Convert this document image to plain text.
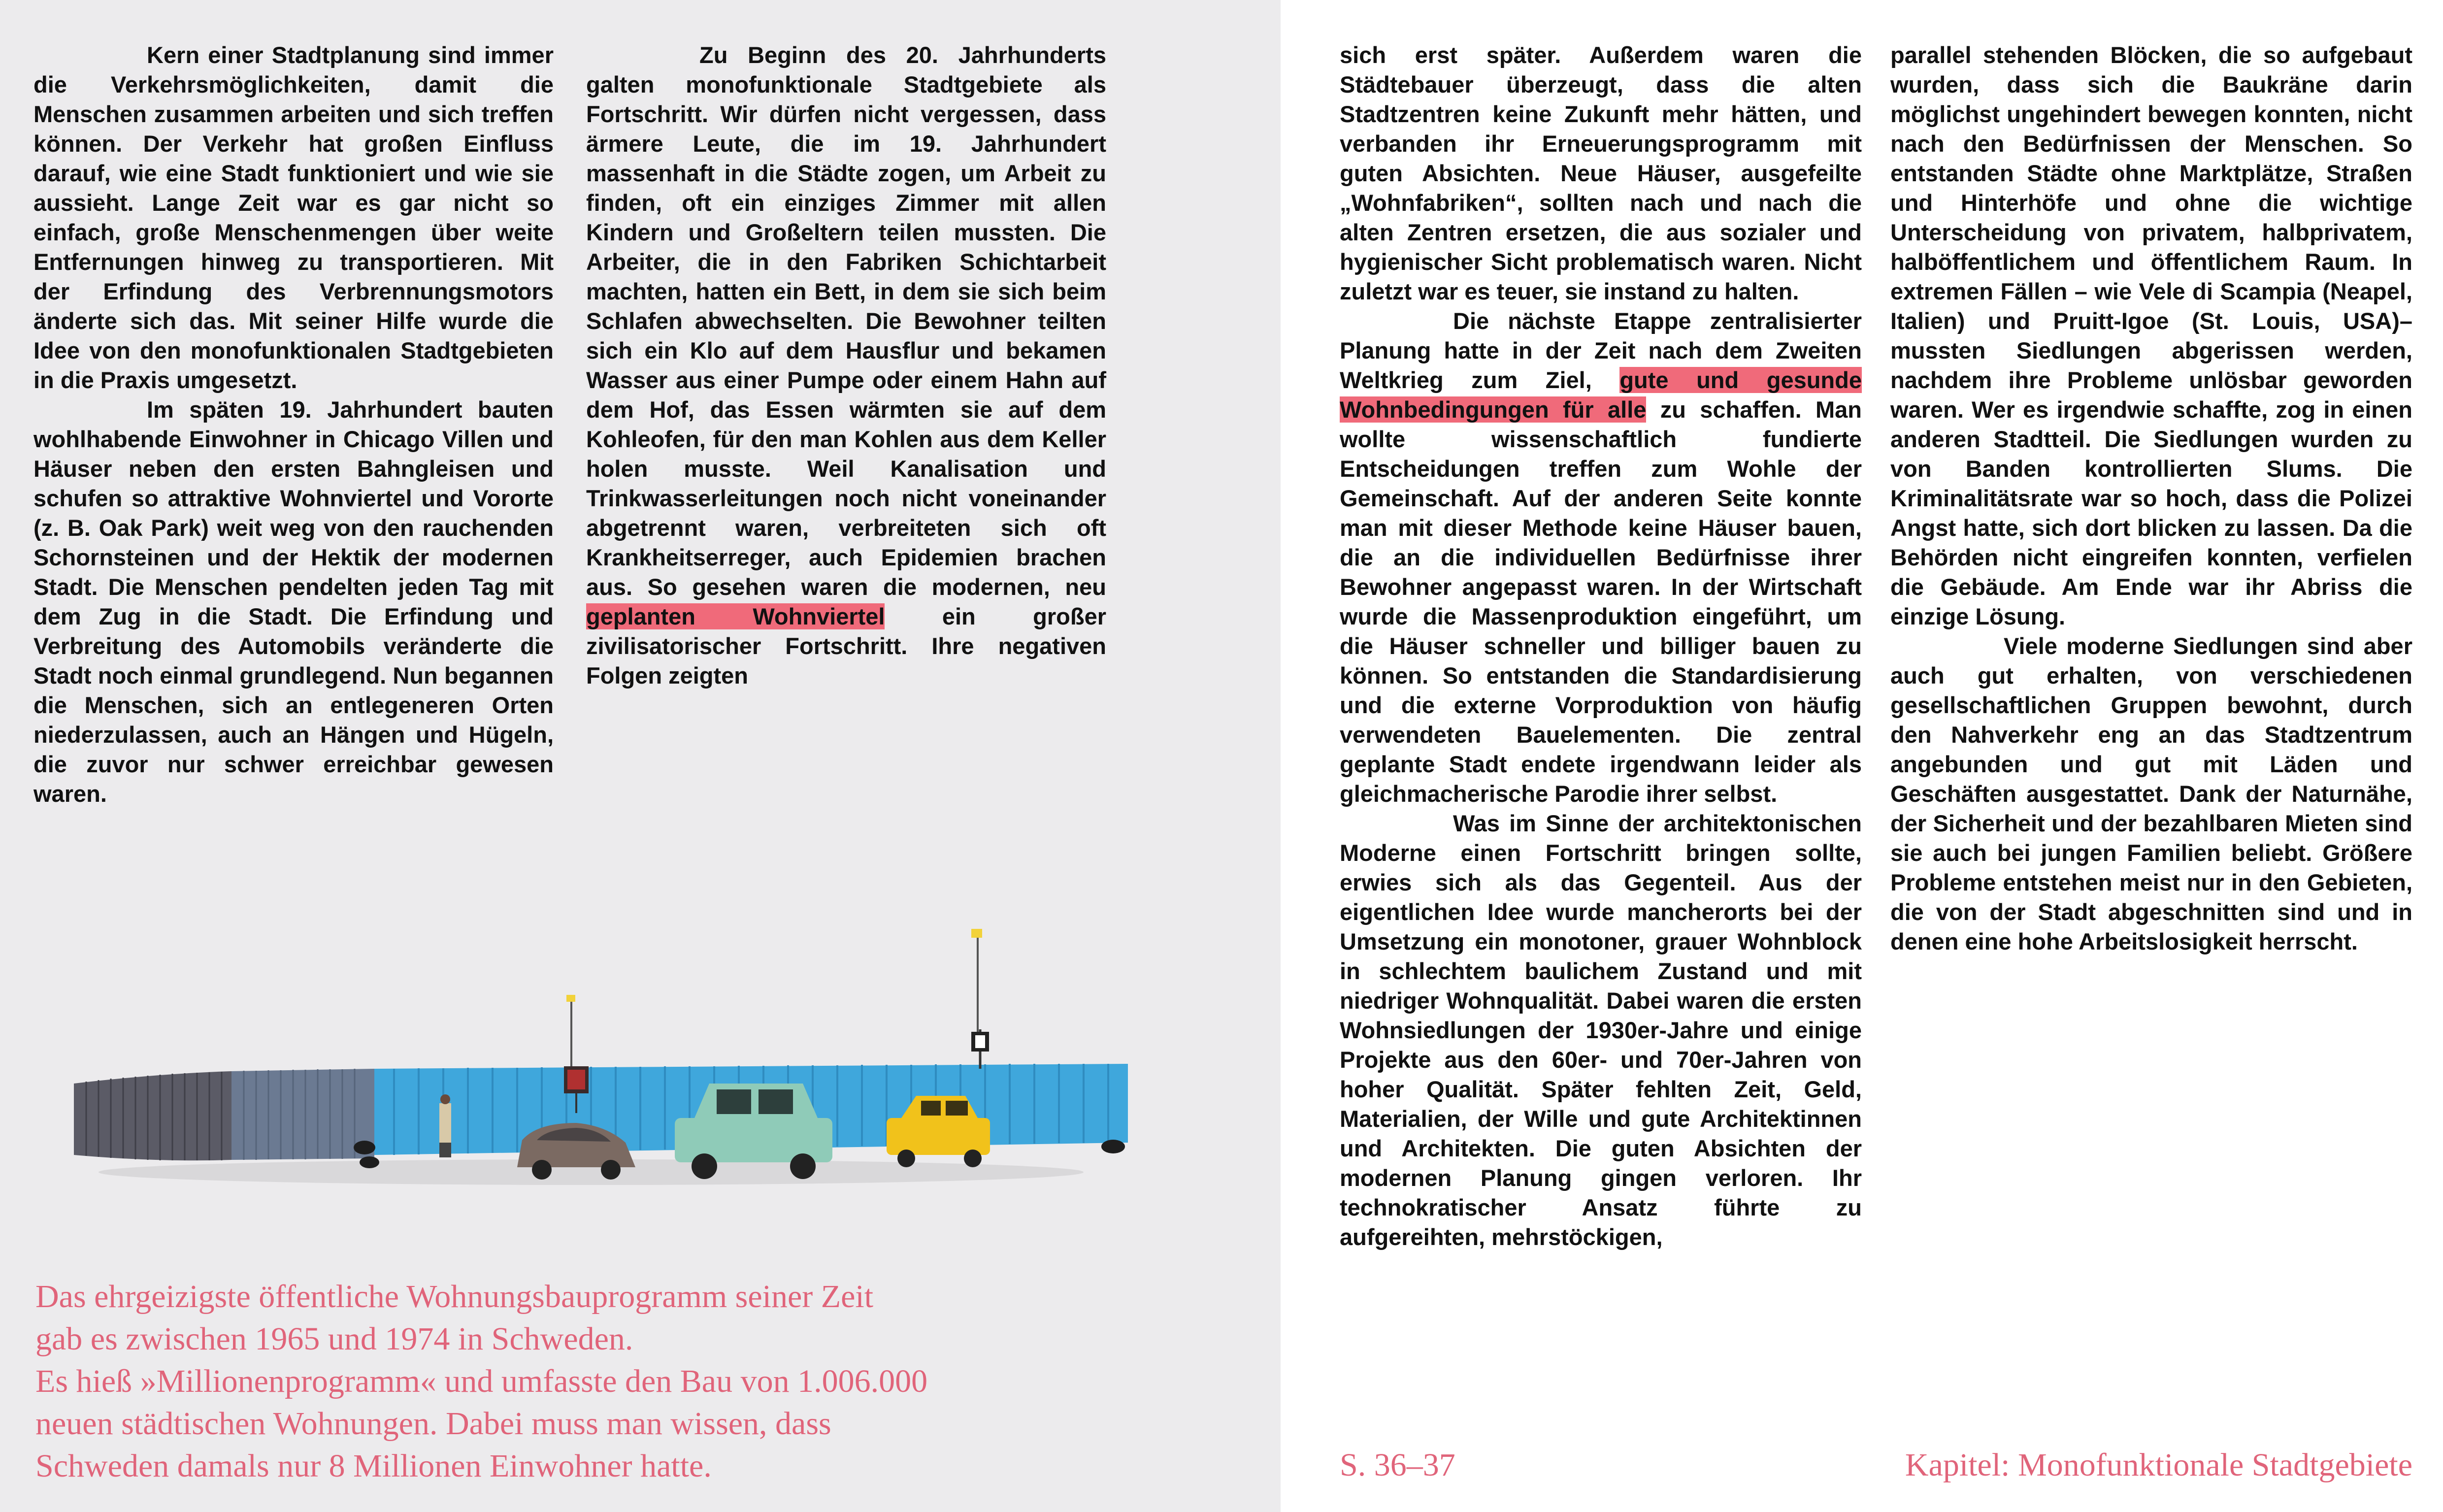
Kern einer Stadtplanung sind immer die Verkehrsmöglichkeiten, damit die Menschen zusammen arbeiten und sich treffen können. Der Verkehr hat großen Einfluss darauf, wie eine Stadt funktioniert und wie sie aussieht. Lange Zeit war es gar nicht so einfach, große Menschenmengen über weite Entfernungen hinweg zu transportieren. Mit der Erfindung des Verbrennungsmotors änderte sich das. Mit seiner Hilfe wurde die Idee von den monofunktionalen Stadtgebieten in die Praxis umgesetzt.

Im späten 19. Jahrhundert bauten wohlhabende Einwohner in Chicago Villen und Häuser neben den ersten Bahngleisen und schufen so attraktive Wohnviertel und Vororte (z. B. Oak Park) weit weg von den rauchenden Schornsteinen und der Hektik der modernen Stadt. Die Menschen pendelten jeden Tag mit dem Zug in die Stadt. Die Erfindung und Verbreitung des Automobils veränderte die Stadt noch einmal grundlegend. Nun begannen die Menschen, sich an entlegeneren Orten niederzulassen, auch an Hängen und Hügeln, die zuvor nur schwer erreichbar gewesen waren.

Zu Beginn des 20. Jahrhunderts galten monofunktionale Stadtgebiete als Fortschritt. Wir dürfen nicht vergessen, dass ärmere Leute, die im 19. Jahrhundert massenhaft in die Städte zogen, um Arbeit zu finden, oft ein einziges Zimmer mit allen Kindern und Großeltern teilen mussten. Die Arbeiter, die in den Fabriken Schichtarbeit machten, hatten ein Bett, in dem sie sich beim Schlafen abwechselten. Die Bewohner teilten sich ein Klo auf dem Hausflur und bekamen Wasser aus einer Pumpe oder einem Hahn auf dem Hof, das Essen wärmten sie auf dem Kohleofen, für den man Kohlen aus dem Keller holen musste. Weil Kanalisation und Trinkwasserleitungen noch nicht voneinander abgetrennt waren, verbreiteten sich oft Krankheitserreger, auch Epidemien brachen aus. So gesehen waren die modernen, neu geplanten Wohnviertel ein großer zivilisatorischer Fortschritt. Ihre negativen Folgen zeigten

sich erst später. Außerdem waren die Städtebauer überzeugt, dass die alten Stadtzentren keine Zukunft mehr hätten, und verbanden ihr Erneuerungsprogramm mit guten Absichten. Neue Häuser, ausgefeilte „Wohnfabriken“, sollten nach und nach die alten Zentren ersetzen, die aus sozialer und hygienischer Sicht problematisch waren. Nicht zuletzt war es teuer, sie instand zu halten.

Die nächste Etappe zentralisierter Planung hatte in der Zeit nach dem Zweiten Weltkrieg zum Ziel, gute und gesunde Wohnbedingungen für alle zu schaffen. Man wollte wissenschaftlich fundierte Entscheidungen treffen zum Wohle der Gemeinschaft. Auf der anderen Seite konnte man mit dieser Methode keine Häuser bauen, die an die individuellen Bedürfnisse ihrer Bewohner angepasst waren. In der Wirtschaft wurde die Massenproduktion eingeführt, um die Häuser schneller und billiger bauen zu können. So entstanden die Standardisierung und die externe Vorproduktion von häufig verwendeten Bauelementen. Die zentral geplante Stadt endete irgendwann leider als gleichmacherische Parodie ihrer selbst.

Was im Sinne der architektonischen Moderne einen Fortschritt bringen sollte, erwies sich als das Gegenteil. Aus der eigentlichen Idee wurde mancherorts bei der Umsetzung ein monotoner, grauer Wohnblock in schlechtem baulichem Zustand und mit niedriger Wohnqualität. Dabei waren die ersten Wohnsiedlungen der 1930er-Jahre und einige Projekte aus den 60er- und 70er-Jahren von hoher Qualität. Später fehlten Zeit, Geld, Materialien, der Wille und gute Architektinnen und Architekten. Die guten Absichten der modernen Planung gingen verloren. Ihr technokratischer Ansatz führte zu aufgereihten, mehrstöckigen,

parallel stehenden Blöcken, die so aufgebaut wurden, dass sich die Baukräne darin möglichst ungehindert bewegen konnten, nicht nach den Bedürfnissen der Menschen. So entstanden Städte ohne Marktplätze, Straßen und Hinterhöfe und ohne die wichtige Unterscheidung von privatem, halbprivatem, halböffentlichem und öffentlichem Raum. In extremen Fällen – wie Vele di Scampia (Neapel, Italien) und Pruitt-Igoe (St. Louis, USA)– mussten Siedlungen abgerissen werden, nachdem ihre Probleme unlösbar geworden waren. Wer es irgendwie schaffte, zog in einen anderen Stadtteil. Die Siedlungen wurden zu von Banden kontrollierten Slums. Die Kriminalitätsrate war so hoch, dass die Polizei Angst hatte, sich dort blicken zu lassen. Da die Behörden nicht eingreifen konnten, verfielen die Gebäude. Am Ende war ihr Abriss die einzige Lösung.

Viele moderne Siedlungen sind aber auch gut erhalten, von verschiedenen gesellschaftlichen Gruppen bewohnt, durch den Nahverkehr eng an das Stadtzentrum angebunden und gut mit Läden und Geschäften ausgestattet. Dank der Naturnähe, der Sicherheit und der bezahlbaren Mieten sind sie auch bei jungen Familien beliebt. Größere Probleme entstehen meist nur in den Gebieten, die von der Stadt abgeschnitten sind und in denen eine hohe Arbeitslosigkeit herrscht.

Das ehrgeizigste öffentliche Wohnungsbauprogramm seiner Zeit

gab es zwischen 1965 und 1974 in Schweden.

Es hieß »Millionenprogramm« und umfasste den Bau von 1.006.000

neuen städtischen Wohnungen. Dabei muss man wissen, dass

Schweden damals nur 8 Millionen Einwohner hatte.	S. 36–37	Kapitel: Monofunktionale Stadtgebiete
